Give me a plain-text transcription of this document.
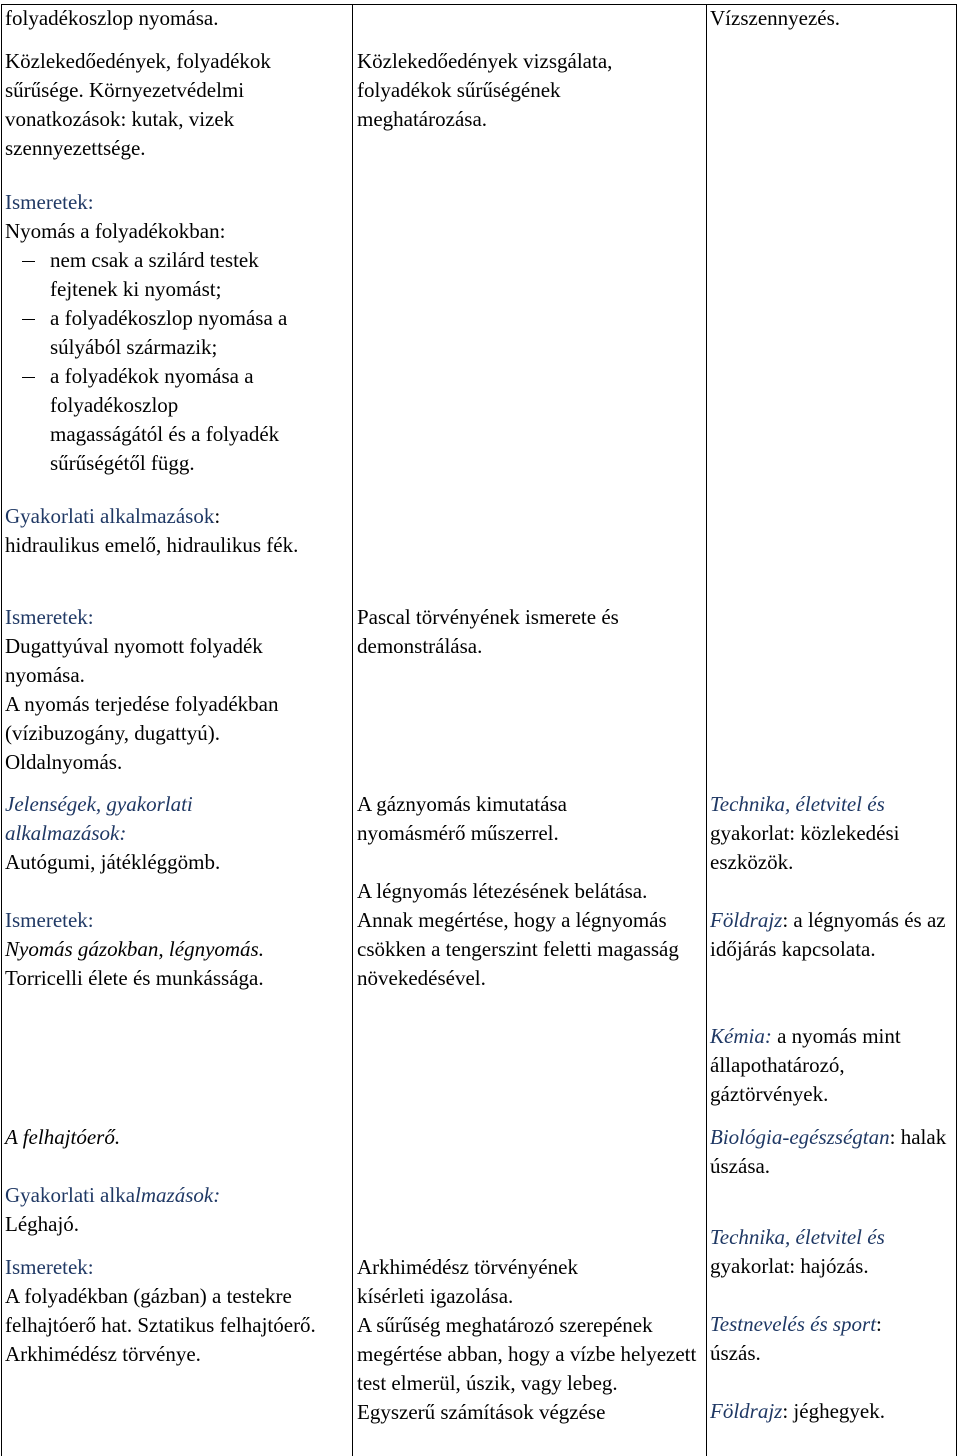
folyadékoszlop nyomása.

Közlekedőedények, folyadékok sűrűsége. Környezetvédelmi vonatkozások: kutak, vizek szennyezettsége.

Ismeretek:
Nyomás a folyadékokban:
nem csak a szilárd testek fejtenek ki nyomást;
a folyadékoszlop nyomása a súlyából származik;
a folyadékok nyomása a folyadékoszlop magasságától és a folyadék sűrűségétől függ.
Gyakorlati alkalmazások:
hidraulikus emelő, hidraulikus fék.
Ismeretek:
Dugattyúval nyomott folyadék nyomása.
A nyomás terjedése folyadékban (vízibuzogány, dugattyú).
Oldalnyomás.
Jelenségek, gyakorlati alkalmazások:
Autógumi, játékléggömb.
Ismeretek:
Nyomás gázokban, légnyomás.
Torricelli élete és munkássága.
A felhajtóerő.
Gyakorlati alkalmazások:
Léghajó.
Ismeretek:
A folyadékban (gázban) a testekre felhajtóerő hat. Sztatikus felhajtóerő.
Arkhimédész törvénye.
Közlekedőedények vizsgálata, folyadékok sűrűségének meghatározása.
Pascal törvényének ismerete és demonstrálása.
A gáznyomás kimutatása nyomásmérő műszerrel.
A légnyomás létezésének belátása.
Annak megértése, hogy a légnyomás csökken a tengerszint feletti magasság növekedésével.
Arkhimédész törvényének kísérleti igazolása.
A sűrűség meghatározó szerepének megértése abban, hogy a vízbe helyezett test elmerül, úszik, vagy lebeg.
Egyszerű számítások végzése
Vízszennyezés.
Technika, életvitel és
gyakorlat: közlekedési eszközök.
Földrajz: a légnyomás és az időjárás kapcsolata.
Kémia: a nyomás mint állapothatározó, gáztörvények.
Biológia-egészségtan: halak úszása.
Technika, életvitel és
gyakorlat: hajózás.
Testnevelés és sport:
úszás.
Földrajz: jéghegyek.
